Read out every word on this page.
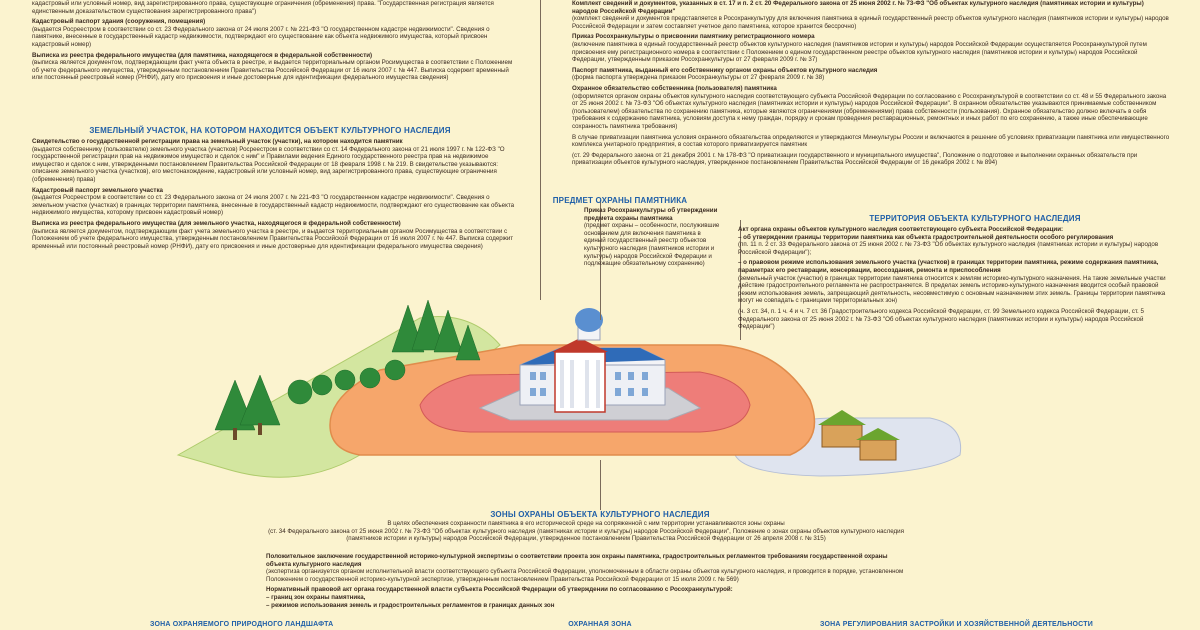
кадастровый или условный номер, вид зарегистрированного права, существующие ограничения (обременения) права. "Государственная регистрация является единственным доказательством существования зарегистрированного права")

Кадастровый паспорт здания (сооружения, помещения)

(выдается Росреестром в соответствии со ст. 23 Федерального закона от 24 июля 2007 г. № 221-ФЗ "О государственном кадастре недвижимости". Сведения о памятнике, внесенные в государственный кадастр недвижимости, подтверждают его существование как объекта недвижимого имущества, который присвоен кадастровый номер)

Выписка из реестра федерального имущества (для памятника, находящегося в федеральной собственности)

(выписка является документом, подтверждающим факт учета объекта в реестре, и выдается территориальным органом Росимущества в соответствии с Положением об учете федерального имущества, утвержденным постановлением Правительства Российской Федерации от 16 июля 2007 г. № 447. Выписка содержит временный или постоянный реестровый номер (РНФИ), дату его присвоения и иные достоверные для идентификации федерального имущества сведения)

ЗЕМЕЛЬНЫЙ УЧАСТОК, НА КОТОРОМ НАХОДИТСЯ ОБЪЕКТ КУЛЬТУРНОГО НАСЛЕДИЯ
Свидетельство о государственной регистрации права на земельный участок (участки), на котором находится памятник

(выдается собственнику (пользователю) земельного участка (участков) Росреестром в соответствии со ст. 14 Федерального закона от 21 июля 1997 г. № 122-ФЗ "О государственной регистрации прав на недвижимое имущество и сделок с ним" и Правилами ведения Единого государственного реестра прав на недвижимое имущество и сделок с ним, утвержденными постановлением Правительства Российской Федерации от 18 февраля 1998 г. № 219. В свидетельстве указываются: описание земельного участка (участков), его местонахождение, кадастровый или условный номер, вид зарегистрированного права, существующие ограничения (обременения) права)

Кадастровый паспорт земельного участка

(выдается Росреестром в соответствии со ст. 23 Федерального закона от 24 июля 2007 г. № 221-ФЗ "О государственном кадастре недвижимости". Сведения о земельном участке (участках) в границах территории памятника, внесенные в государственный кадастр недвижимости, подтверждают его существование как объекта недвижимого имущества, которому присвоен кадастровый номер)

Выписка из реестра федерального имущества (для земельного участка, находящегося в федеральной собственности)

(выписка является документом, подтверждающим факт учета земельного участка в реестре, и выдается территориальным органом Росимущества в соответствии с Положением об учете федерального имущества, утвержденным постановлением Правительства Российской Федерации от 16 июля 2007 г. № 447. Выписка содержит временный или постоянный реестровый номер (РНФИ), дату его присвоения и иные достоверные для идентификации федерального имущества сведения)

Комплект сведений и документов, указанных в ст. 17 и п. 2 ст. 20 Федерального закона от 25 июня 2002 г. № 73-ФЗ "Об объектах культурного наследия (памятниках истории и культуры) народов Российской Федерации"

(комплект сведений и документов представляется в Росохранкультуру для включения памятника в единый государственный реестр объектов культурного наследия (памятников истории и культуры) народов Российской Федерации и затем составляет учетное дело памятника, которое хранится бессрочно)

Приказ Росохранкультуры о присвоении памятнику регистрационного номера

(включение памятника в единый государственный реестр объектов культурного наследия (памятников истории и культуры) народов Российской Федерации осуществляется Росохранкультурой путем присвоения ему регистрационного номера в соответствии с Положением о едином государственном реестре объектов культурного наследия (памятников истории и культуры) народов Российской Федерации, утвержденным приказом Росохранкультуры от 27 февраля 2009 г. № 37)

Паспорт памятника, выданный его собственнику органом охраны объектов культурного наследия

(форма паспорта утверждена приказом Росохранкультуры от 27 февраля 2009 г. № 38)

Охранное обязательство собственника (пользователя) памятника

(оформляется органом охраны объектов культурного наследия соответствующего субъекта Российской Федерации по согласованию с Росохранкультурой в соответствии со ст. 48 и 55 Федерального закона от 25 июня 2002 г. № 73-ФЗ "Об объектах культурного наследия (памятниках истории и культуры) народов Российской Федерации". В охранном обязательстве указываются принимаемые собственником (пользователем) обязательства по сохранению памятника, которые являются ограничениями (обременениями) права собственности (пользования). Охранное обязательство должно включать в себя требования к содержанию памятника, условиям доступа к нему граждан, порядку и срокам проведения реставрационных, ремонтных и иных работ по его сохранению, а также иные обеспечивающие сохранность памятника требования)

В случае приватизации памятника условия охранного обязательства определяются и утверждаются Минкультуры России и включаются в решение об условиях приватизации памятника или имущественного комплекса унитарного предприятия, в состав которого приватизируется памятник

(ст. 29 Федерального закона от 21 декабря 2001 г. № 178-ФЗ "О приватизации государственного и муниципального имущества", Положение о подготовке и выполнении охранных обязательств при приватизации объектов культурного наследия, утвержденное постановлением Правительства Российской Федерации от 16 декабря 2002 г. № 894)

ПРЕДМЕТ ОХРАНЫ ПАМЯТНИКА
Приказ Росохранкультуры об утверждении предмета охраны памятника

(предмет охраны – особенности, послужившие основанием для включения памятника в единый государственный реестр объектов культурного наследия (памятников истории и культуры) народов Российской Федерации и подлежащие обязательному сохранению)

ТЕРРИТОРИЯ ОБЪЕКТА КУЛЬТУРНОГО НАСЛЕДИЯ
Акт органа охраны объектов культурного наследия соответствующего субъекта Российской Федерации:
– об утверждении границы территории памятника как объекта градостроительной деятельности особого регулирования

(пп. 11 п. 2 ст. 33 Федерального закона от 25 июня 2002 г. № 73-ФЗ "Об объектах культурного наследия (памятниках истории и культуры) народов Российской Федерации");

– о правовом режиме использования земельного участка (участков) в границах территории памятника, режиме содержания памятника, параметрах его реставрации, консервации, воссоздания, ремонта и приспособления

(земельный участок (участки) в границах территории памятника относится к землям историко-культурного назначения. На такие земельные участки действие градостроительного регламента не распространяется. В пределах земель историко-культурного назначения вводится особый правовой режим использования земель, запрещающий деятельность, несовместимую с основным назначением этих земель. Границы территории памятника могут не совпадать с границами территориальных зон)

(ч. 3 ст. 34, п. 1 ч. 4 и ч. 7 ст. 36 Градостроительного кодекса Российской Федерации, ст. 99 Земельного кодекса Российской Федерации, ст. 5 Федерального закона от 25 июня 2002 г. № 73-ФЗ "Об объектах культурного наследия (памятниках истории и культуры) народов Российской Федерации")

ЗОНЫ ОХРАНЫ ОБЪЕКТА КУЛЬТУРНОГО НАСЛЕДИЯ

В целях обеспечения сохранности памятника в его исторической среде на сопряженной с ним территории устанавливаются зоны охраны

(ст. 34 Федерального закона от 25 июня 2002 г. № 73-ФЗ "Об объектах культурного наследия (памятниках истории и культуры) народов Российской Федерации", Положение о зонах охраны объектов культурного наследия (памятников истории и культуры) народов Российской Федерации, утвержденное постановлением Правительства Российской Федерации от 26 апреля 2008 г. № 315)

Положительное заключение государственной историко-культурной экспертизы о соответствии проекта зон охраны памятника, градостроительных регламентов требованиям государственной охраны объекта культурного наследия

(экспертиза организуется органом исполнительной власти соответствующего субъекта Российской Федерации, уполномоченным в области охраны объектов культурного наследия, и проводится в порядке, установленном Положением о государственной историко-культурной экспертизе, утвержденным постановлением Правительства Российской Федерации от 15 июля 2009 г. № 569)

Нормативный правовой акт органа государственной власти субъекта Российской Федерации об утверждении по согласованию с Росохранкультурой:
– границ зон охраны памятника,
– режимов использования земель и градостроительных регламентов в границах данных зон
ЗОНА ОХРАНЯЕМОГО ПРИРОДНОГО ЛАНДШАФТА	ОХРАННАЯ ЗОНА	ЗОНА РЕГУЛИРОВАНИЯ ЗАСТРОЙКИ И ХОЗЯЙСТВЕННОЙ ДЕЯТЕЛЬНОСТИ
